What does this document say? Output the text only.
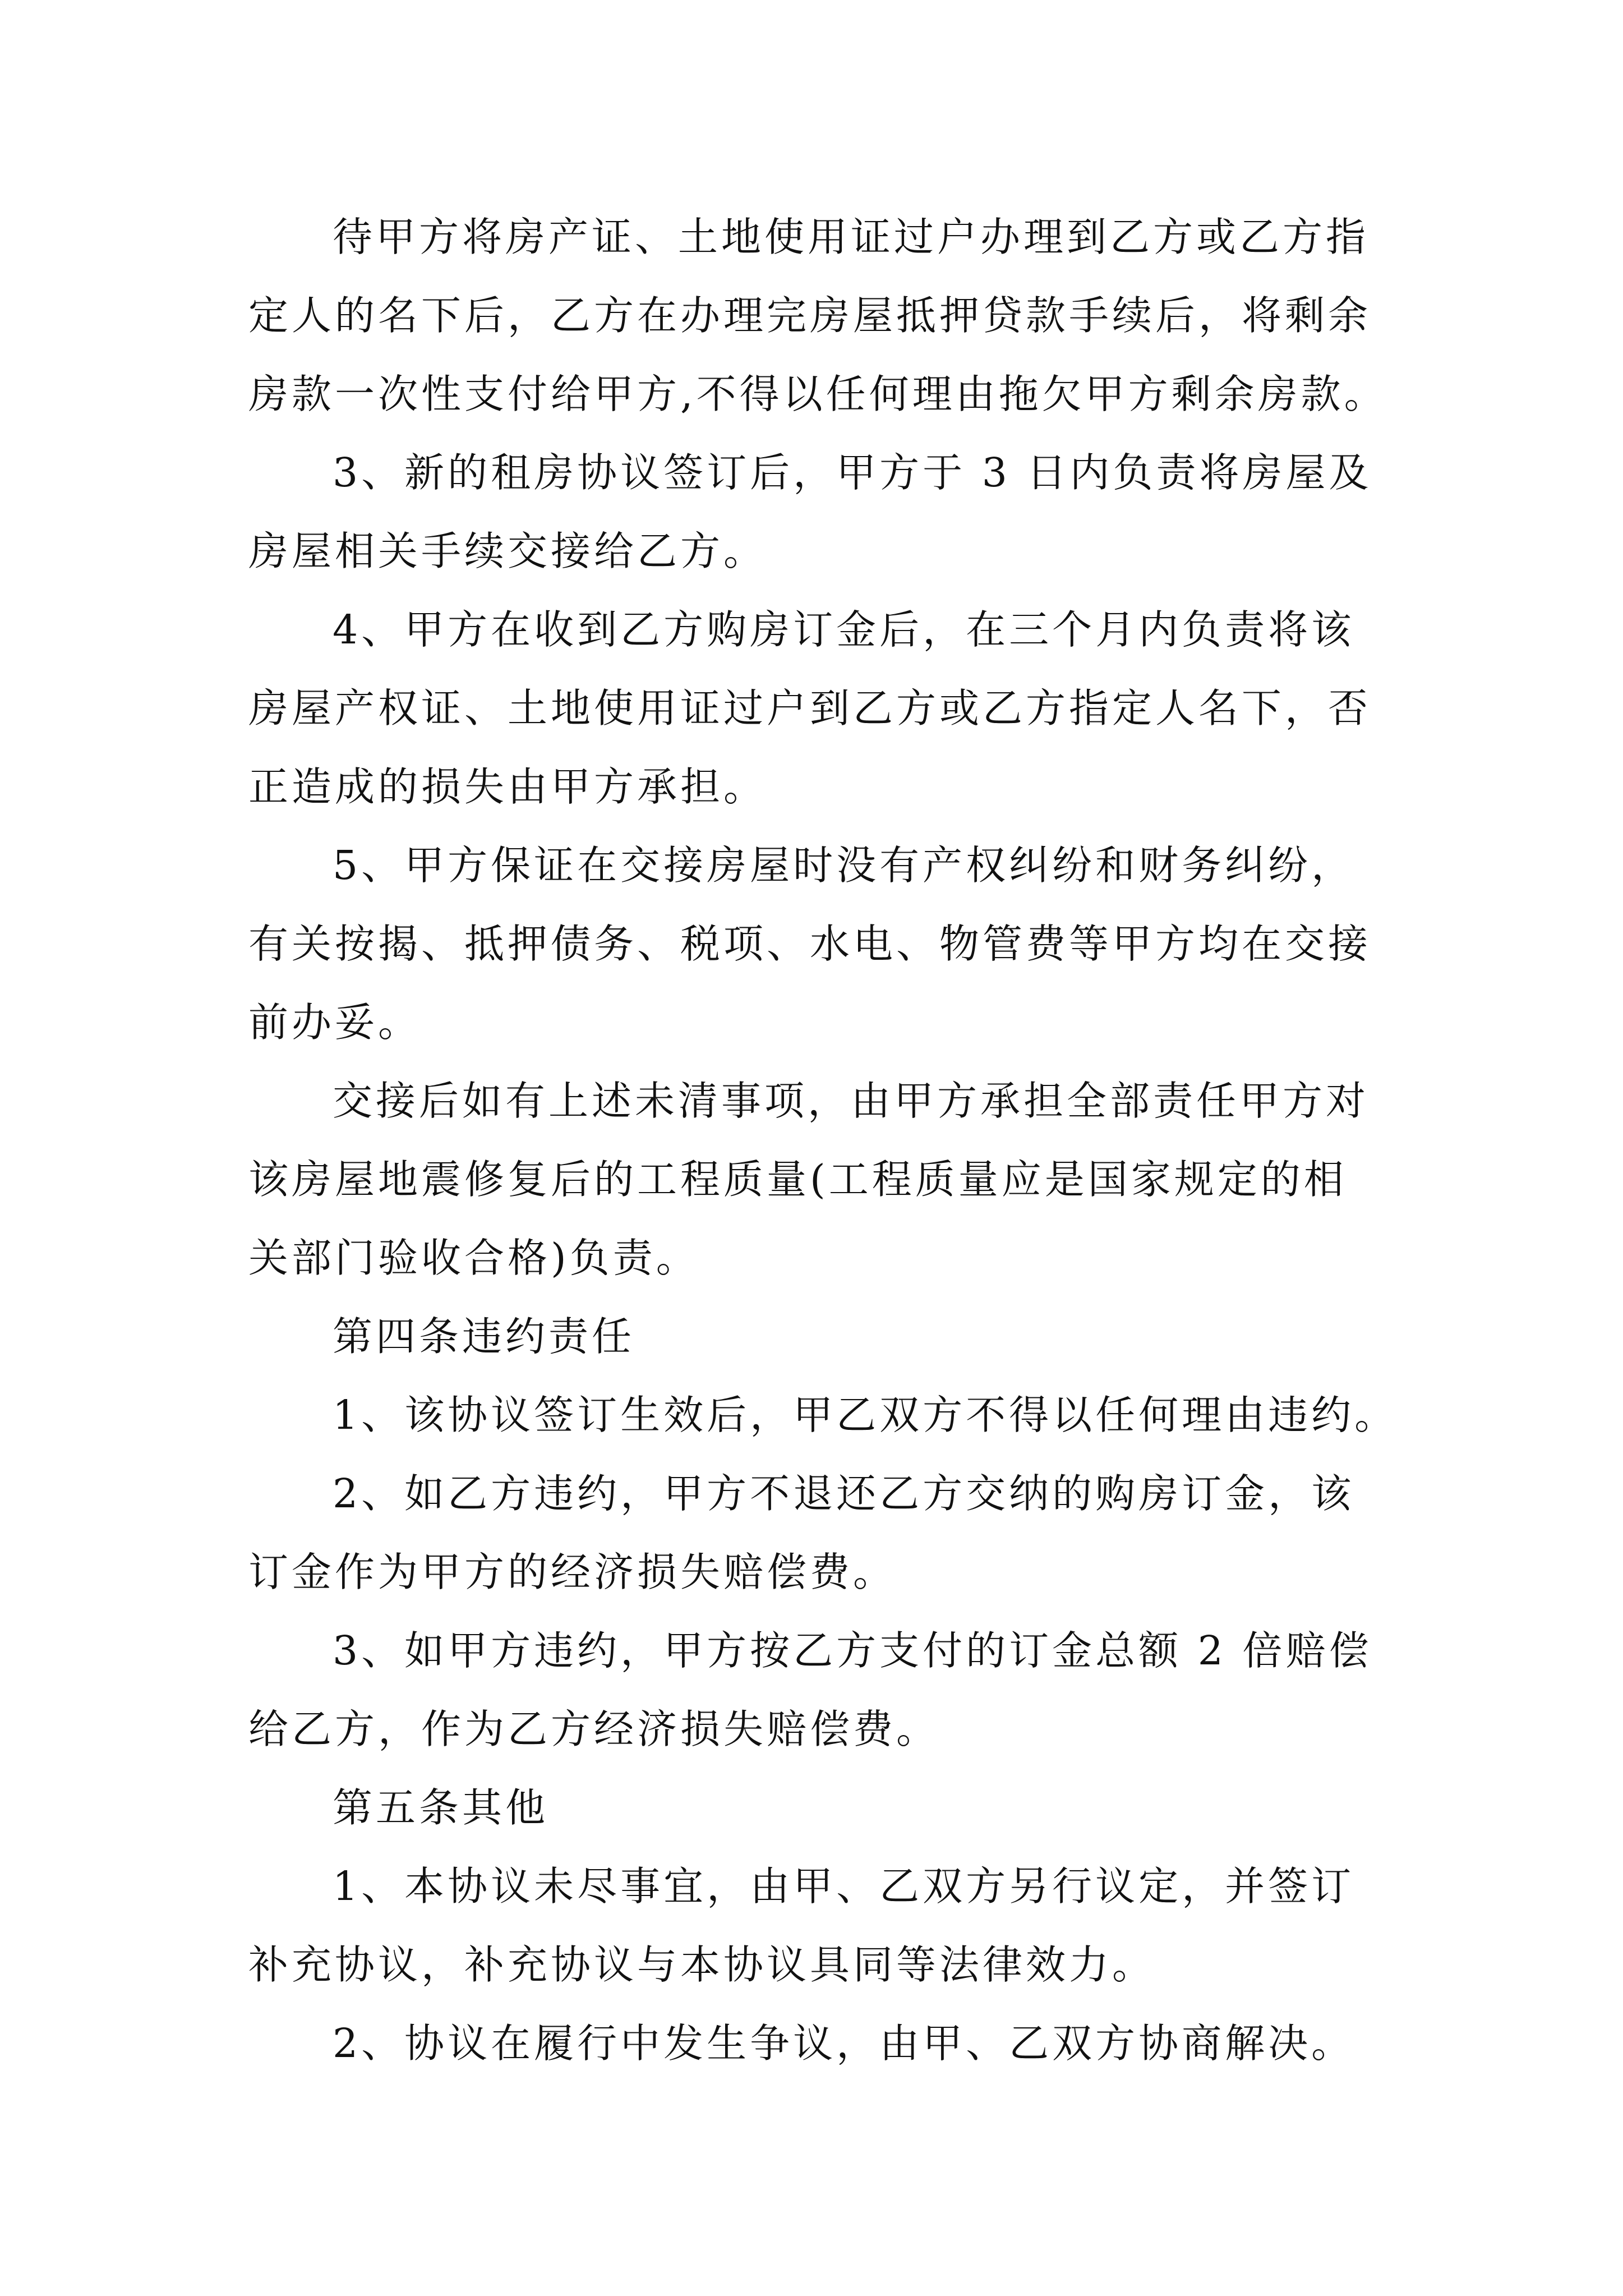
待甲方将房产证、土地使用证过户办理到乙方或乙方指
定人的名下后，乙方在办理完房屋抵押贷款手续后，将剩余
房款一次性支付给甲方,不得以任何理由拖欠甲方剩余房款。
3、新的租房协议签订后，甲方于 3 日内负责将房屋及
房屋相关手续交接给乙方。
4、甲方在收到乙方购房订金后，在三个月内负责将该
房屋产权证、土地使用证过户到乙方或乙方指定人名下，否
正造成的损失由甲方承担。
5、甲方保证在交接房屋时没有产权纠纷和财务纠纷，
有关按揭、抵押债务、税项、水电、物管费等甲方均在交接
前办妥。
交接后如有上述未清事项，由甲方承担全部责任甲方对
该房屋地震修复后的工程质量(工程质量应是国家规定的相
关部门验收合格)负责。
第四条违约责任
1、该协议签订生效后，甲乙双方不得以任何理由违约。
2、如乙方违约，甲方不退还乙方交纳的购房订金，该
订金作为甲方的经济损失赔偿费。
3、如甲方违约，甲方按乙方支付的订金总额 2 倍赔偿
给乙方，作为乙方经济损失赔偿费。
第五条其他
1、本协议未尽事宜，由甲、乙双方另行议定，并签订
补充协议，补充协议与本协议具同等法律效力。
2、协议在履行中发生争议，由甲、乙双方协商解决。
